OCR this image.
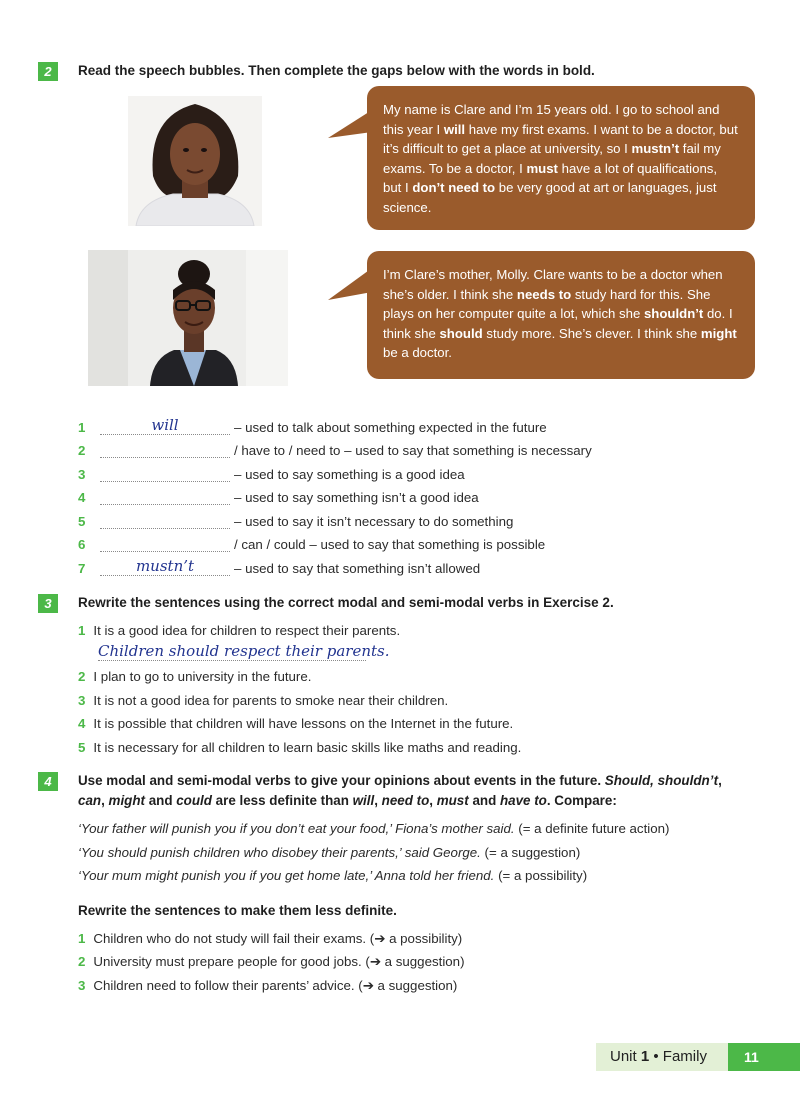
2	Read the speech bubbles. Then complete the gaps below with the words in bold.
My name is Clare and I’m 15 years old. I go to school and this year I will have my first exams. I want to be a doctor, but it’s difficult to get a place at university, so I mustn’t fail my exams. To be a doctor, I must have a lot of qualifications, but I don’t need to be very good at art or languages, just science.
I’m Clare’s mother, Molly. Clare wants to be a doctor when she’s older. I think she needs to study hard for this. She plays on her computer quite a lot, which she shouldn’t do. I think she should study more. She’s clever. I think she might be a doctor.
1	will	– used to talk about something expected in the future
2	/ have to / need to – used to say that something is necessary
3	– used to say something is a good idea
4	– used to say something isn’t a good idea
5	– used to say it isn’t necessary to do something
6	/ can / could – used to say that something is possible
7	mustn’t	– used to say that something isn’t allowed
3	Rewrite the sentences using the correct modal and semi-modal verbs in Exercise 2.
1 It is a good idea for children to respect their parents.
Children should respect their parents.
2 I plan to go to university in the future.
3 It is not a good idea for parents to smoke near their children.
4 It is possible that children will have lessons on the Internet in the future.
5 It is necessary for all children to learn basic skills like maths and reading.
4	Use modal and semi-modal verbs to give your opinions about events in the future. Should, shouldn’t,
can, might and could are less definite than will, need to, must and have to. Compare:
‘Your father will punish you if you don’t eat your food,’ Fiona’s mother said. (= a definite future action)
‘You should punish children who disobey their parents,’ said George. (= a suggestion)
‘Your mum might punish you if you get home late,’ Anna told her friend. (= a possibility)
Rewrite the sentences to make them less definite.
1 Children who do not study will fail their exams. (➔ a possibility)
2 University must prepare people for good jobs. (➔ a suggestion)
3 Children need to follow their parents’ advice. (➔ a suggestion)
Unit 1 • Family	11
